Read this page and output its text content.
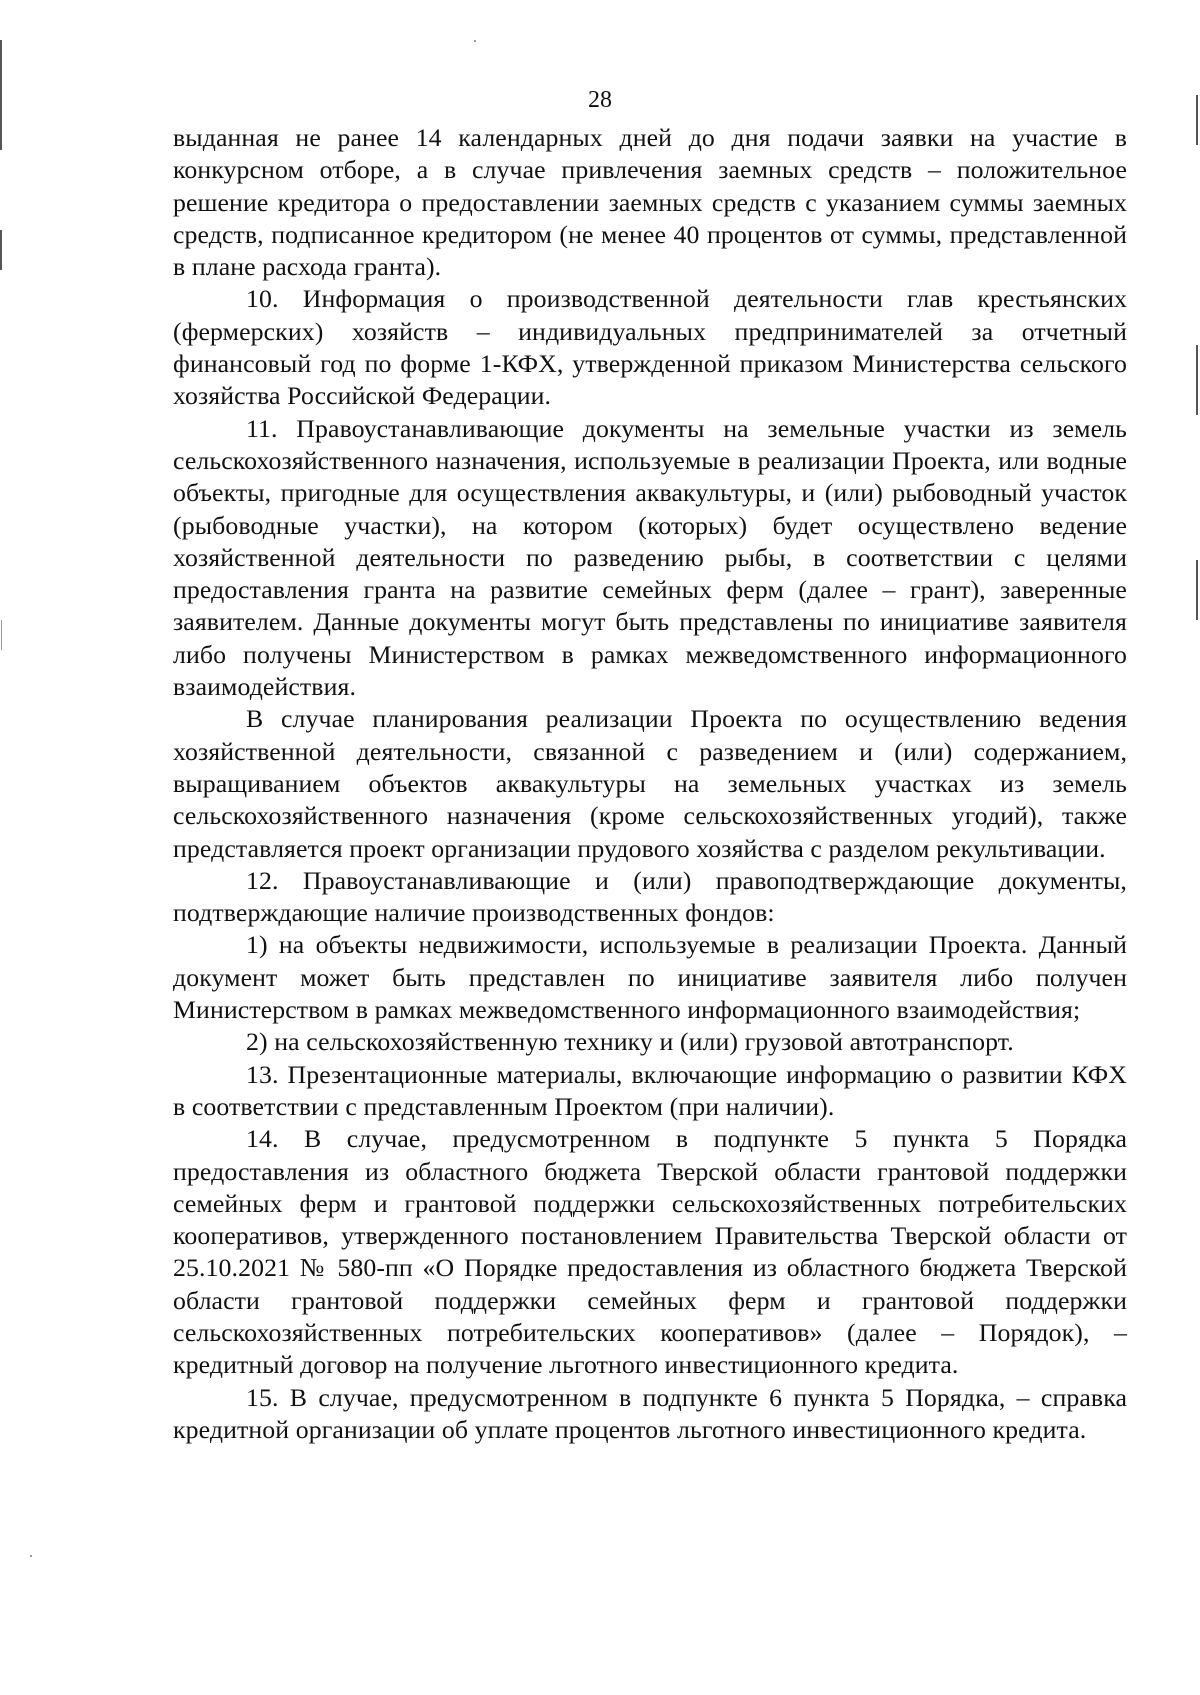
28

выданная не ранее 14 календарных дней до дня подачи заявки на участие в конкурсном отборе, а в случае привлечения заемных средств – положительное решение кредитора о предоставлении заемных средств с указанием суммы заемных средств, подписанное кредитором (не менее 40 процентов от суммы, представленной в плане расхода гранта).

10. Информация о производственной деятельности глав крестьянских (фермерских) хозяйств – индивидуальных предпринимателей за отчетный финансовый год по форме 1-КФХ, утвержденной приказом Министерства сельского хозяйства Российской Федерации.

11. Правоустанавливающие документы на земельные участки из земель сельскохозяйственного назначения, используемые в реализации Проекта, или водные объекты, пригодные для осуществления аквакультуры, и (или) рыбоводный участок (рыбоводные участки), на котором (которых) будет осуществлено ведение хозяйственной деятельности по разведению рыбы, в соответствии с целями предоставления гранта на развитие семейных ферм (далее – грант), заверенные заявителем. Данные документы могут быть представлены по инициативе заявителя либо получены Министерством в рамках межведомственного информационного взаимодействия.

В случае планирования реализации Проекта по осуществлению ведения хозяйственной деятельности, связанной с разведением и (или) содержанием, выращиванием объектов аквакультуры на земельных участках из земель сельскохозяйственного назначения (кроме сельскохозяйственных угодий), также представляется проект организации прудового хозяйства с разделом рекультивации.

12. Правоустанавливающие и (или) правоподтверждающие документы, подтверждающие наличие производственных фондов:

1) на объекты недвижимости, используемые в реализации Проекта. Данный документ может быть представлен по инициативе заявителя либо получен Министерством в рамках межведомственного информационного взаимодействия;

2) на сельскохозяйственную технику и (или) грузовой автотранспорт.

13. Презентационные материалы, включающие информацию о развитии КФХ в соответствии с представленным Проектом (при наличии).

14. В случае, предусмотренном в подпункте 5 пункта 5 Порядка предоставления из областного бюджета Тверской области грантовой поддержки семейных ферм и грантовой поддержки сельскохозяйственных потребительских кооперативов, утвержденного постановлением Правительства Тверской области от 25.10.2021 № 580-пп «О Порядке предоставления из областного бюджета Тверской области грантовой поддержки семейных ферм и грантовой поддержки сельскохозяйственных потребительских кооперативов» (далее – Порядок), – кредитный договор на получение льготного инвестиционного кредита.

15. В случае, предусмотренном в подпункте 6 пункта 5 Порядка, – справка кредитной организации об уплате процентов льготного инвестиционного кредита.
